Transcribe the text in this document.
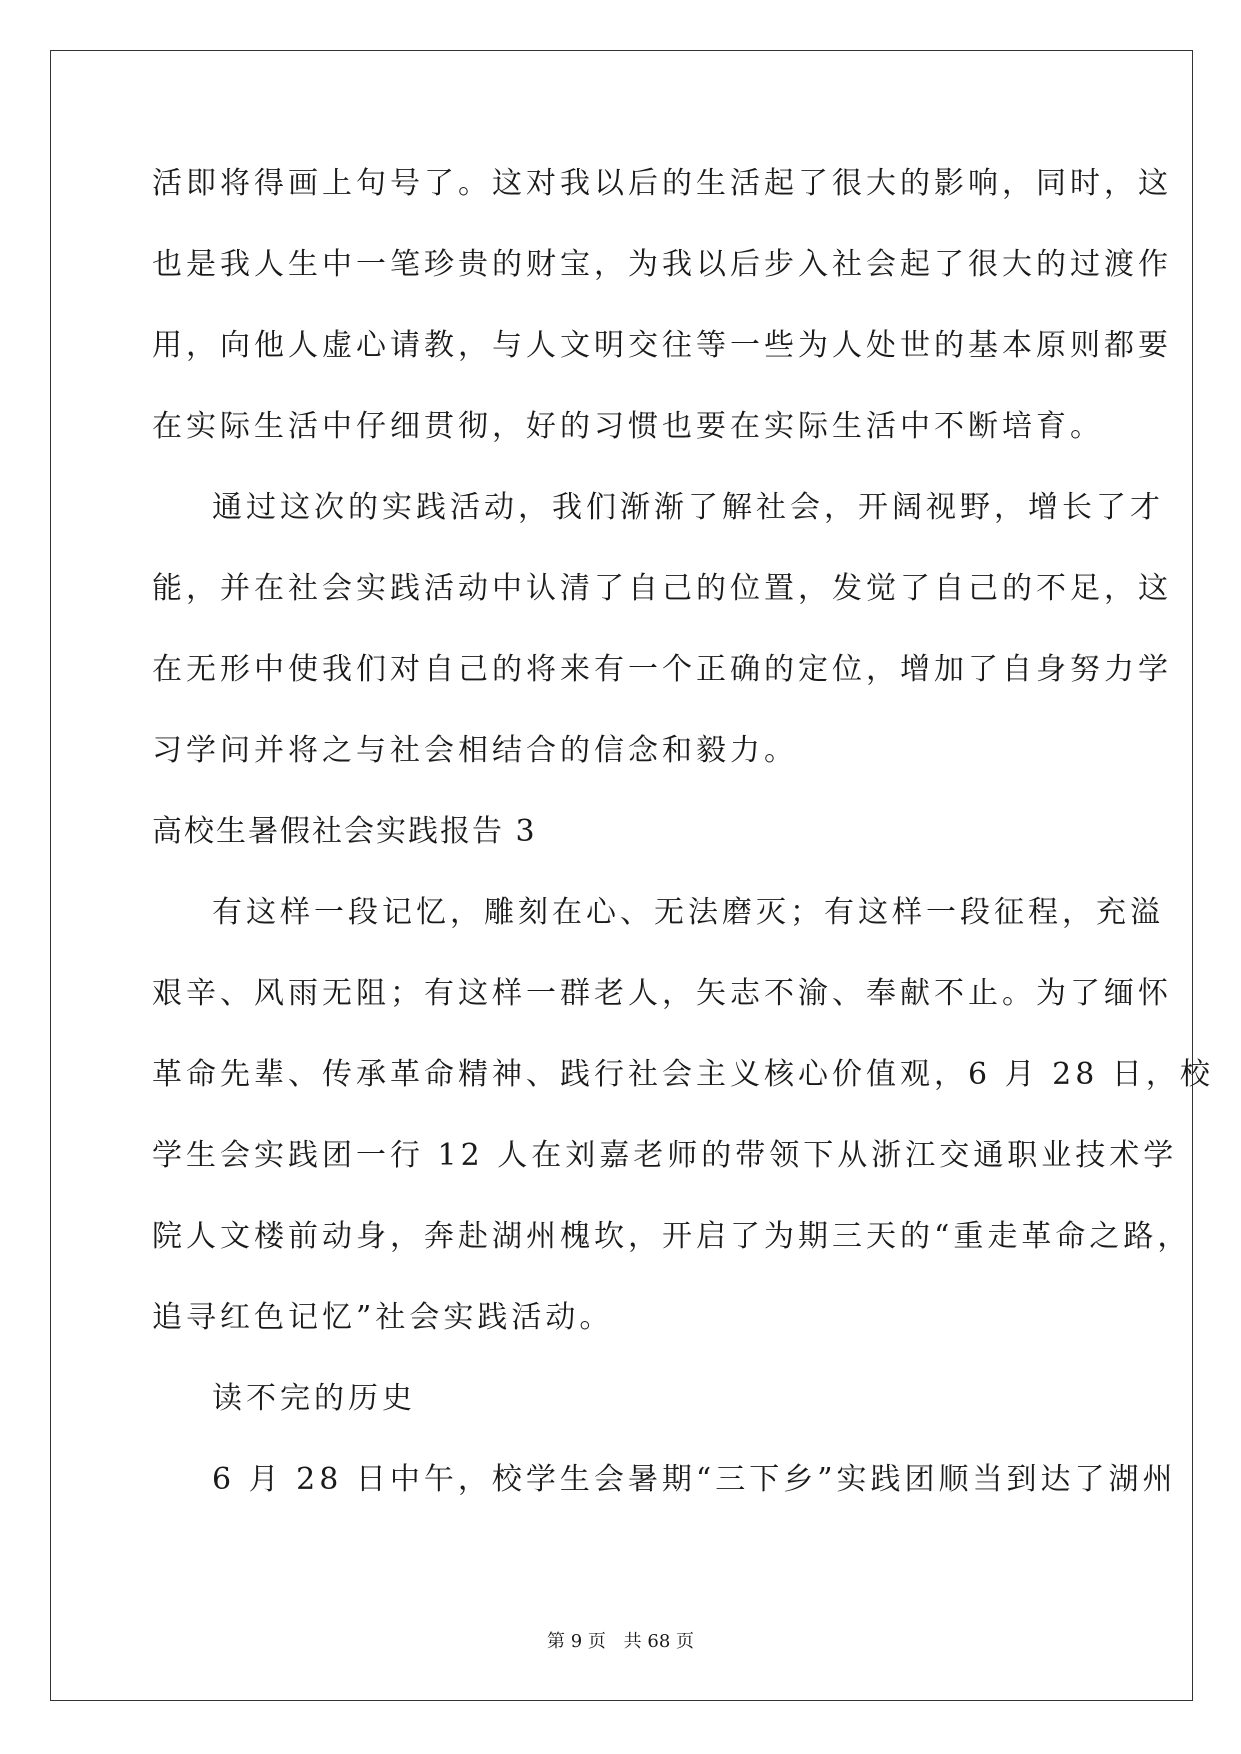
活即将得画上句号了。这对我以后的生活起了很大的影响，同时，这
也是我人生中一笔珍贵的财宝，为我以后步入社会起了很大的过渡作
用，向他人虚心请教，与人文明交往等一些为人处世的基本原则都要
在实际生活中仔细贯彻，好的习惯也要在实际生活中不断培育。
通过这次的实践活动，我们渐渐了解社会，开阔视野，增长了才
能，并在社会实践活动中认清了自己的位置，发觉了自己的不足，这
在无形中使我们对自己的将来有一个正确的定位，增加了自身努力学
习学问并将之与社会相结合的信念和毅力。
高校生暑假社会实践报告 3
有这样一段记忆，雕刻在心、无法磨灭；有这样一段征程，充溢
艰辛、风雨无阻；有这样一群老人，矢志不渝、奉献不止。为了缅怀
革命先辈、传承革命精神、践行社会主义核心价值观，6 月 28 日，校
学生会实践团一行 12 人在刘嘉老师的带领下从浙江交通职业技术学
院人文楼前动身，奔赴湖州槐坎，开启了为期三天的“重走革命之路，
追寻红色记忆”社会实践活动。
读不完的历史
6 月 28 日中午，校学生会暑期“三下乡”实践团顺当到达了湖州
第 9 页 共 68 页
